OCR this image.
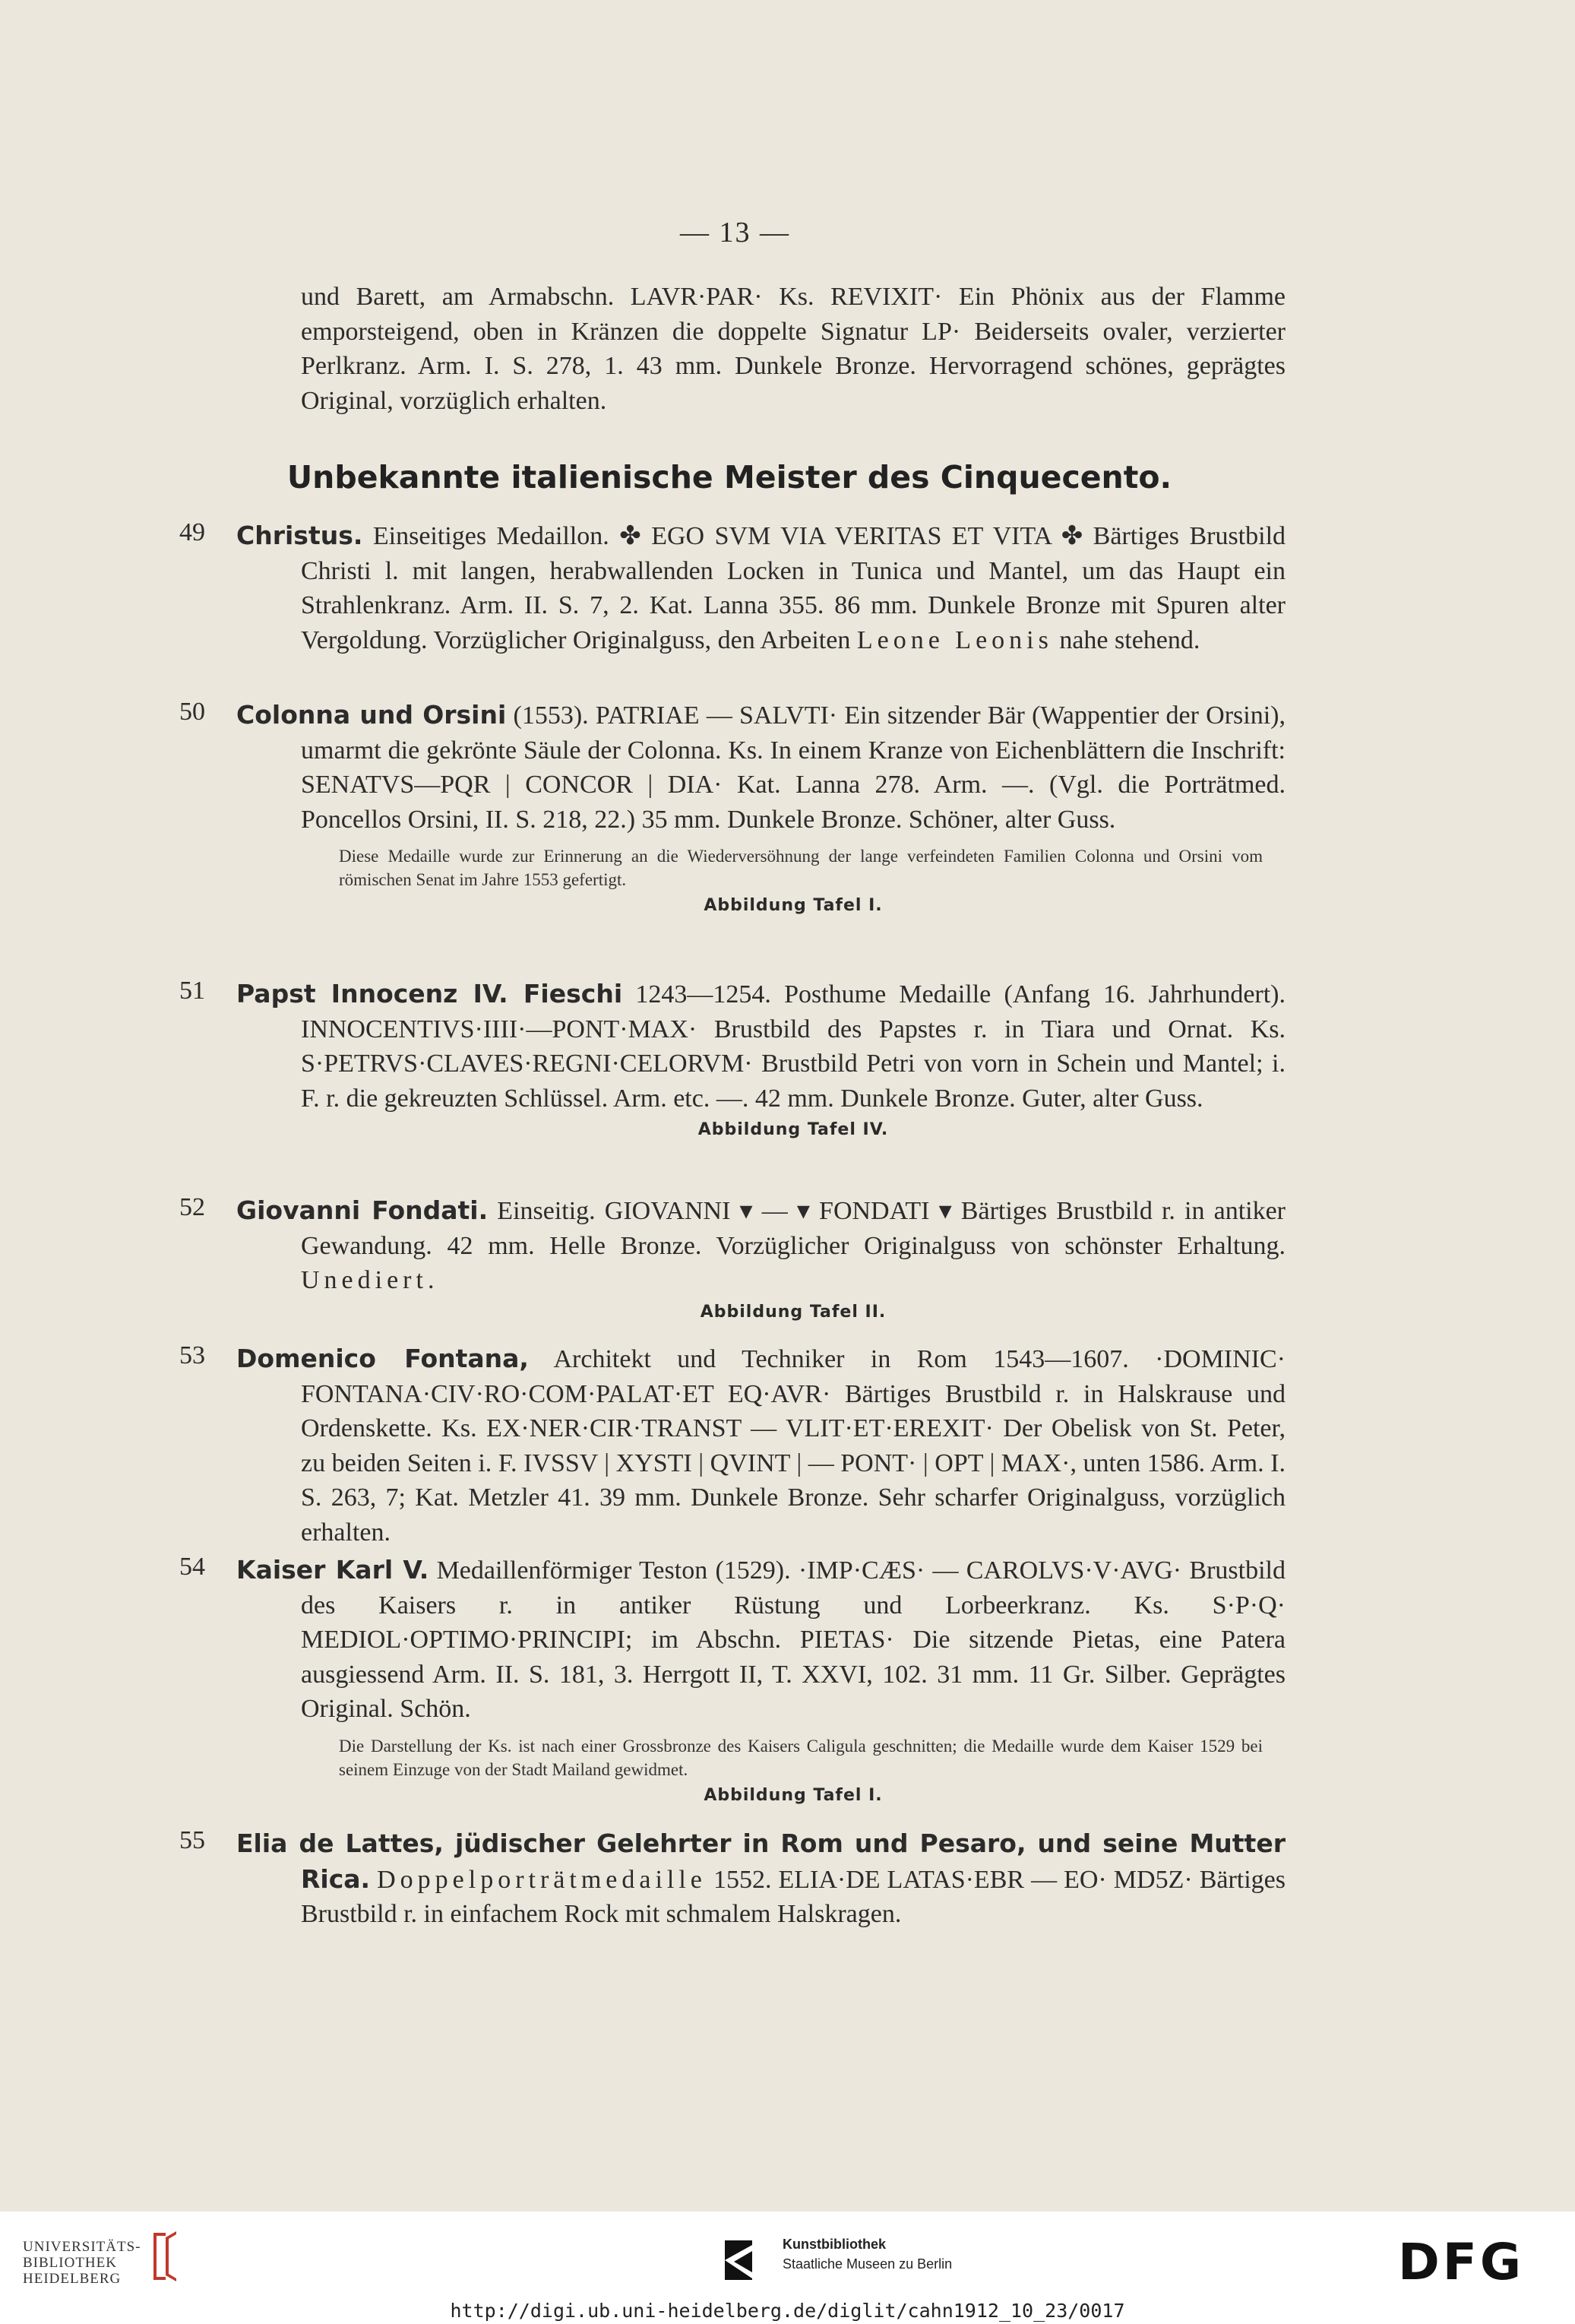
— 13 —
und Barett, am Armabschn. LAVR·PAR· Ks. REVIXIT· Ein Phönix aus der Flamme emporsteigend, oben in Kränzen die doppelte Signatur LP· Beiderseits ovaler, verzierter Perlkranz. Arm. I. S. 278, 1. 43 mm. Dunkele Bronze. Hervorragend schönes, geprägtes Original, vorzüglich erhalten.
Unbekannte italienische Meister des Cinquecento.
49 Christus. Einseitiges Medaillon. ✤ EGO SVM VIA VERITAS ET VITA ✤ Bärtiges Brustbild Christi l. mit langen, herabwallenden Locken in Tunica und Mantel, um das Haupt ein Strahlenkranz. Arm. II. S. 7, 2. Kat. Lanna 355. 86 mm. Dunkele Bronze mit Spuren alter Vergoldung. Vorzüglicher Originalguss, den Arbeiten Leone Leonis nahe stehend.
50 Colonna und Orsini (1553). PATRIAE — SALVTI· Ein sitzender Bär (Wappentier der Orsini), umarmt die gekrönte Säule der Colonna. Ks. In einem Kranze von Eichenblättern die Inschrift: SENATVS—PQR | CONCOR | DIA· Kat. Lanna 278. Arm. —. (Vgl. die Porträtmed. Poncellos Orsini, II. S. 218, 22.) 35 mm. Dunkele Bronze. Schöner, alter Guss.
Diese Medaille wurde zur Erinnerung an die Wiederversöhnung der lange verfeindeten Familien Colonna und Orsini vom römischen Senat im Jahre 1553 gefertigt.
Abbildung Tafel I.
51 Papst Innocenz IV. Fieschi 1243—1254. Posthume Medaille (Anfang 16. Jahrhundert). INNOCENTIVS·IIII·—PONT·MAX· Brustbild des Papstes r. in Tiara und Ornat. Ks. S·PETRVS·CLAVES·REGNI·CELORVM· Brustbild Petri von vorn in Schein und Mantel; i. F. r. die gekreuzten Schlüssel. Arm. etc. —. 42 mm. Dunkele Bronze. Guter, alter Guss.
Abbildung Tafel IV.
52 Giovanni Fondati. Einseitig. GIOVANNI ▾ — ▾ FONDATI ▾ Bärtiges Brustbild r. in antiker Gewandung. 42 mm. Helle Bronze. Vorzüglicher Originalguss von schönster Erhaltung. Unediert.
Abbildung Tafel II.
53 Domenico Fontana, Architekt und Techniker in Rom 1543—1607. ·DOMINIC· FONTANA·CIV·RO·COM·PALAT·ET EQ·AVR· Bärtiges Brustbild r. in Halskrause und Ordenskette. Ks. EX·NER·CIR·TRANST — VLIT·ET·EREXIT· Der Obelisk von St. Peter, zu beiden Seiten i. F. IVSSV | XYSTI | QVINT | — PONT· | OPT | MAX·, unten 1586. Arm. I. S. 263, 7; Kat. Metzler 41. 39 mm. Dunkele Bronze. Sehr scharfer Originalguss, vorzüglich erhalten.
54 Kaiser Karl V. Medaillenförmiger Teston (1529). ·IMP·CÆS· — CAROLVS·V·AVG· Brustbild des Kaisers r. in antiker Rüstung und Lorbeerkranz. Ks. S·P·Q· MEDIOL·OPTIMO·PRINCIPI; im Abschn. PIETAS· Die sitzende Pietas, eine Patera ausgiessend Arm. II. S. 181, 3. Herrgott II, T. XXVI, 102. 31 mm. 11 Gr. Silber. Geprägtes Original. Schön.
Die Darstellung der Ks. ist nach einer Grossbronze des Kaisers Caligula geschnitten; die Medaille wurde dem Kaiser 1529 bei seinem Einzuge von der Stadt Mailand gewidmet.
Abbildung Tafel I.
55 Elia de Lattes, jüdischer Gelehrter in Rom und Pesaro, und seine Mutter Rica. Doppelporträtmedaille 1552. ELIA·DE LATAS·EBR — EO· MD5Z· Bärtiges Brustbild r. in einfachem Rock mit schmalem Halskragen.
UNIVERSITÄTS-
BIBLIOTHEK
HEIDELBERG
Kunstbibliothek
Staatliche Museen zu Berlin	DFG
http://digi.ub.uni-heidelberg.de/diglit/cahn1912_10_23/0017
